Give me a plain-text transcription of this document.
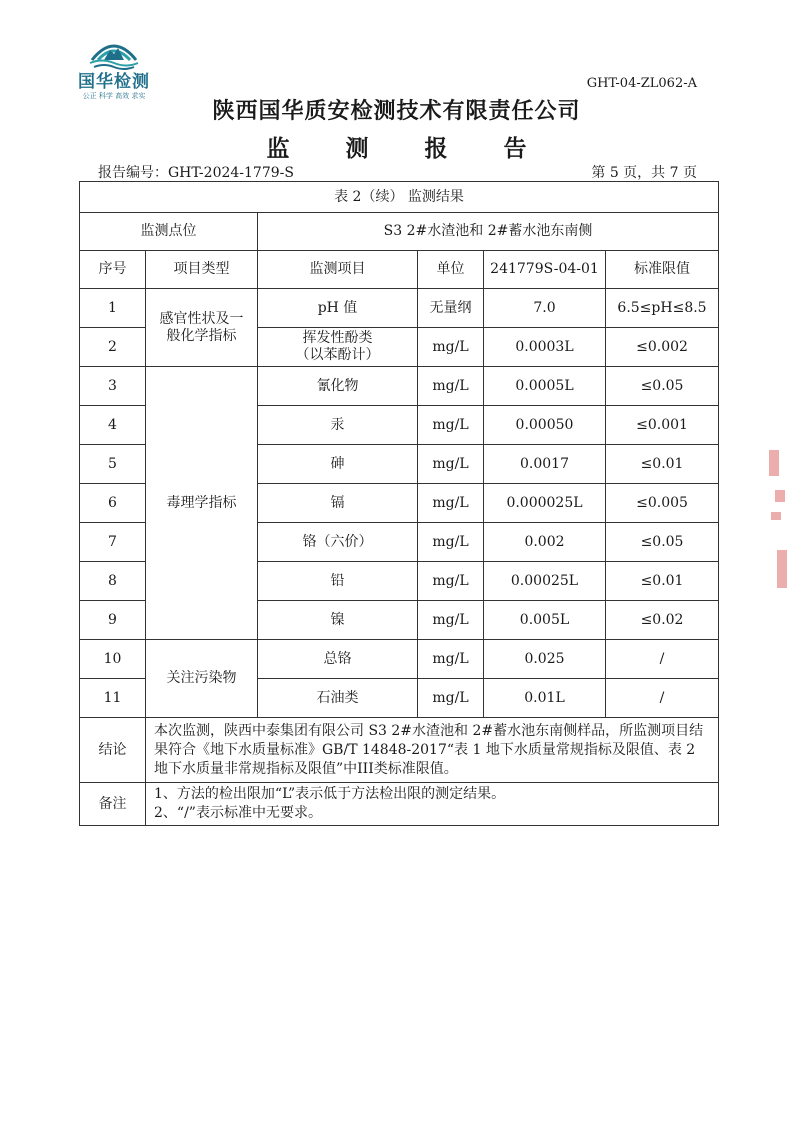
国华检测
公正 科学 高效 求实
GHT-04-ZL062-A
陕西国华质安检测技术有限责任公司
监 测 报 告
报告编号：GHT-2024-1779-S	第 5 页，共 7 页
表 2（续） 监测结果					
监测点位		S3 2#水渣池和 2#蓄水池东南侧			
序号	项目类型	监测项目	单位	241779S-04-01	标准限值
1	感官性状及一般化学指标	pH 值	无量纲	7.0	6.5≤pH≤8.5
2		挥发性酚类（以苯酚计）	mg/L	0.0003L	≤0.002
3	毒理学指标	氰化物	mg/L	0.0005L	≤0.05
4		汞	mg/L	0.00050	≤0.001
5		砷	mg/L	0.0017	≤0.01
6		镉	mg/L	0.000025L	≤0.005
7		铬（六价）	mg/L	0.002	≤0.05
8		铅	mg/L	0.00025L	≤0.01
9		镍	mg/L	0.005L	≤0.02
10	关注污染物	总铬	mg/L	0.025	/
11		石油类	mg/L	0.01L	/
结论	本次监测，陕西中泰集团有限公司 S3 2#水渣池和 2#蓄水池东南侧样品，所监测项目结果符合《地下水质量标准》GB/T 14848-2017“表 1 地下水质量常规指标及限值、表 2 地下水质量非常规指标及限值”中III类标准限值。				
备注	1、方法的检出限加“L”表示低于方法检出限的测定结果。
2、“/”表示标准中无要求。				
